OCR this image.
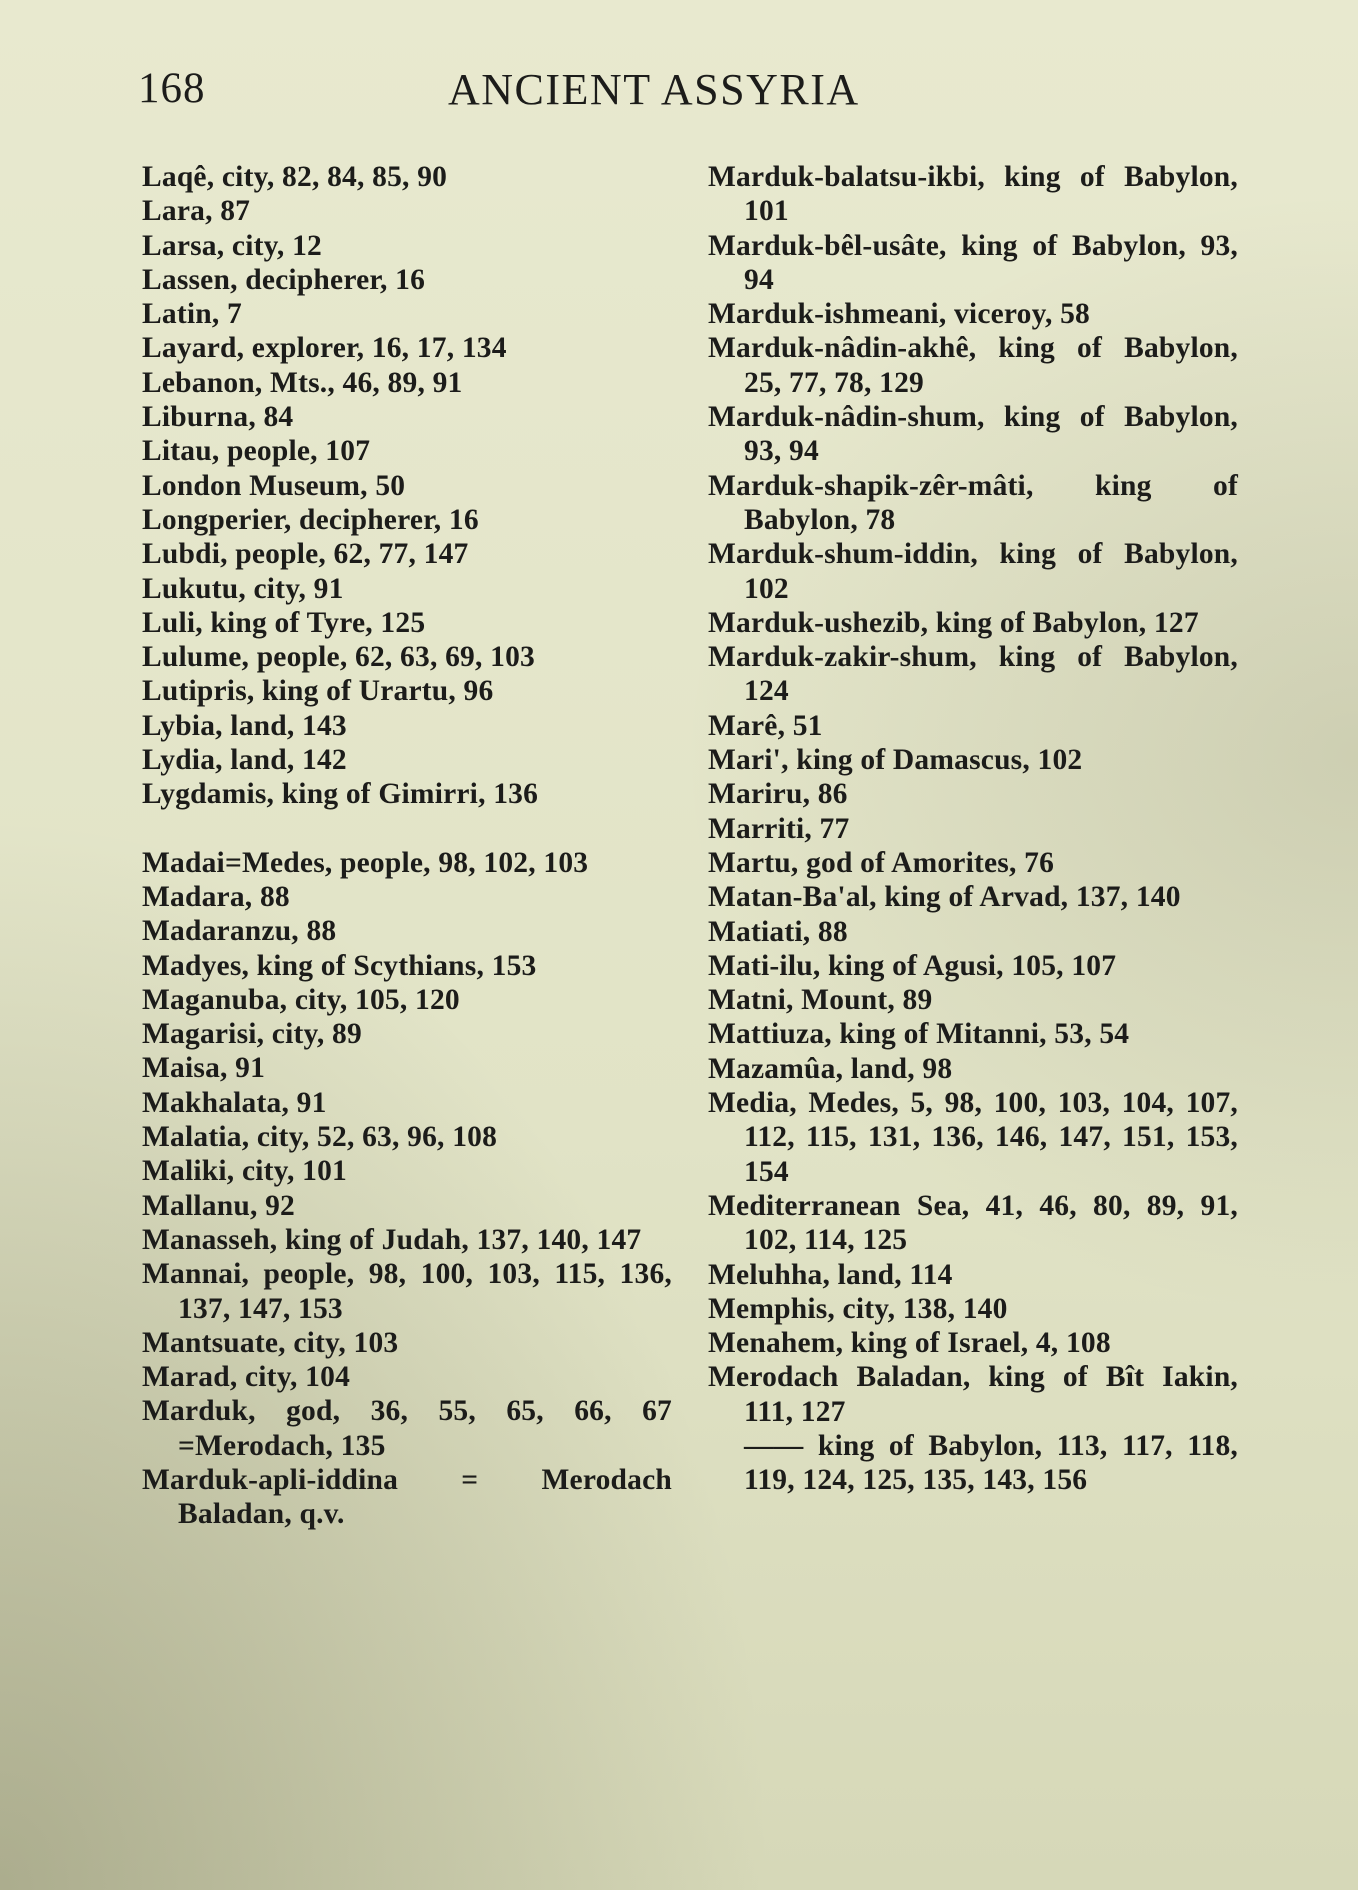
168	ANCIENT ASSYRIA
Laqê, city, 82, 84, 85, 90
Lara, 87
Larsa, city, 12
Lassen, decipherer, 16
Latin, 7
Layard, explorer, 16, 17, 134
Lebanon, Mts., 46, 89, 91
Liburna, 84
Litau, people, 107
London Museum, 50
Longperier, decipherer, 16
Lubdi, people, 62, 77, 147
Lukutu, city, 91
Luli, king of Tyre, 125
Lulume, people, 62, 63, 69, 103
Lutipris, king of Urartu, 96
Lybia, land, 143
Lydia, land, 142
Lygdamis, king of Gimirri, 136
Madai=Medes, people, 98, 102, 103
Madara, 88
Madaranzu, 88
Madyes, king of Scythians, 153
Maganuba, city, 105, 120
Magarisi, city, 89
Maisa, 91
Makhalata, 91
Malatia, city, 52, 63, 96, 108
Maliki, city, 101
Mallanu, 92
Manasseh, king of Judah, 137, 140, 147
Mannai, people, 98, 100, 103, 115, 136, 137, 147, 153
Mantsuate, city, 103
Marad, city, 104
Marduk, god, 36, 55, 65, 66, 67 =Merodach, 135
Marduk-apli-iddina = Merodach Baladan, q.v.
Marduk-balatsu-ikbi, king of Babylon, 101
Marduk-bêl-usâte, king of Babylon, 93, 94
Marduk-ishmeani, viceroy, 58
Marduk-nâdin-akhê, king of Babylon, 25, 77, 78, 129
Marduk-nâdin-shum, king of Babylon, 93, 94
Marduk-shapik-zêr-mâti, king of Babylon, 78
Marduk-shum-iddin, king of Babylon, 102
Marduk-ushezib, king of Babylon, 127
Marduk-zakir-shum, king of Babylon, 124
Marê, 51
Mari', king of Damascus, 102
Mariru, 86
Marriti, 77
Martu, god of Amorites, 76
Matan-Ba'al, king of Arvad, 137, 140
Matiati, 88
Mati-ilu, king of Agusi, 105, 107
Matni, Mount, 89
Mattiuza, king of Mitanni, 53, 54
Mazamûa, land, 98
Media, Medes, 5, 98, 100, 103, 104, 107, 112, 115, 131, 136, 146, 147, 151, 153, 154
Mediterranean Sea, 41, 46, 80, 89, 91, 102, 114, 125
Meluhha, land, 114
Memphis, city, 138, 140
Menahem, king of Israel, 4, 108
Merodach Baladan, king of Bît Iakin, 111, 127
—— king of Babylon, 113, 117, 118, 119, 124, 125, 135, 143, 156
